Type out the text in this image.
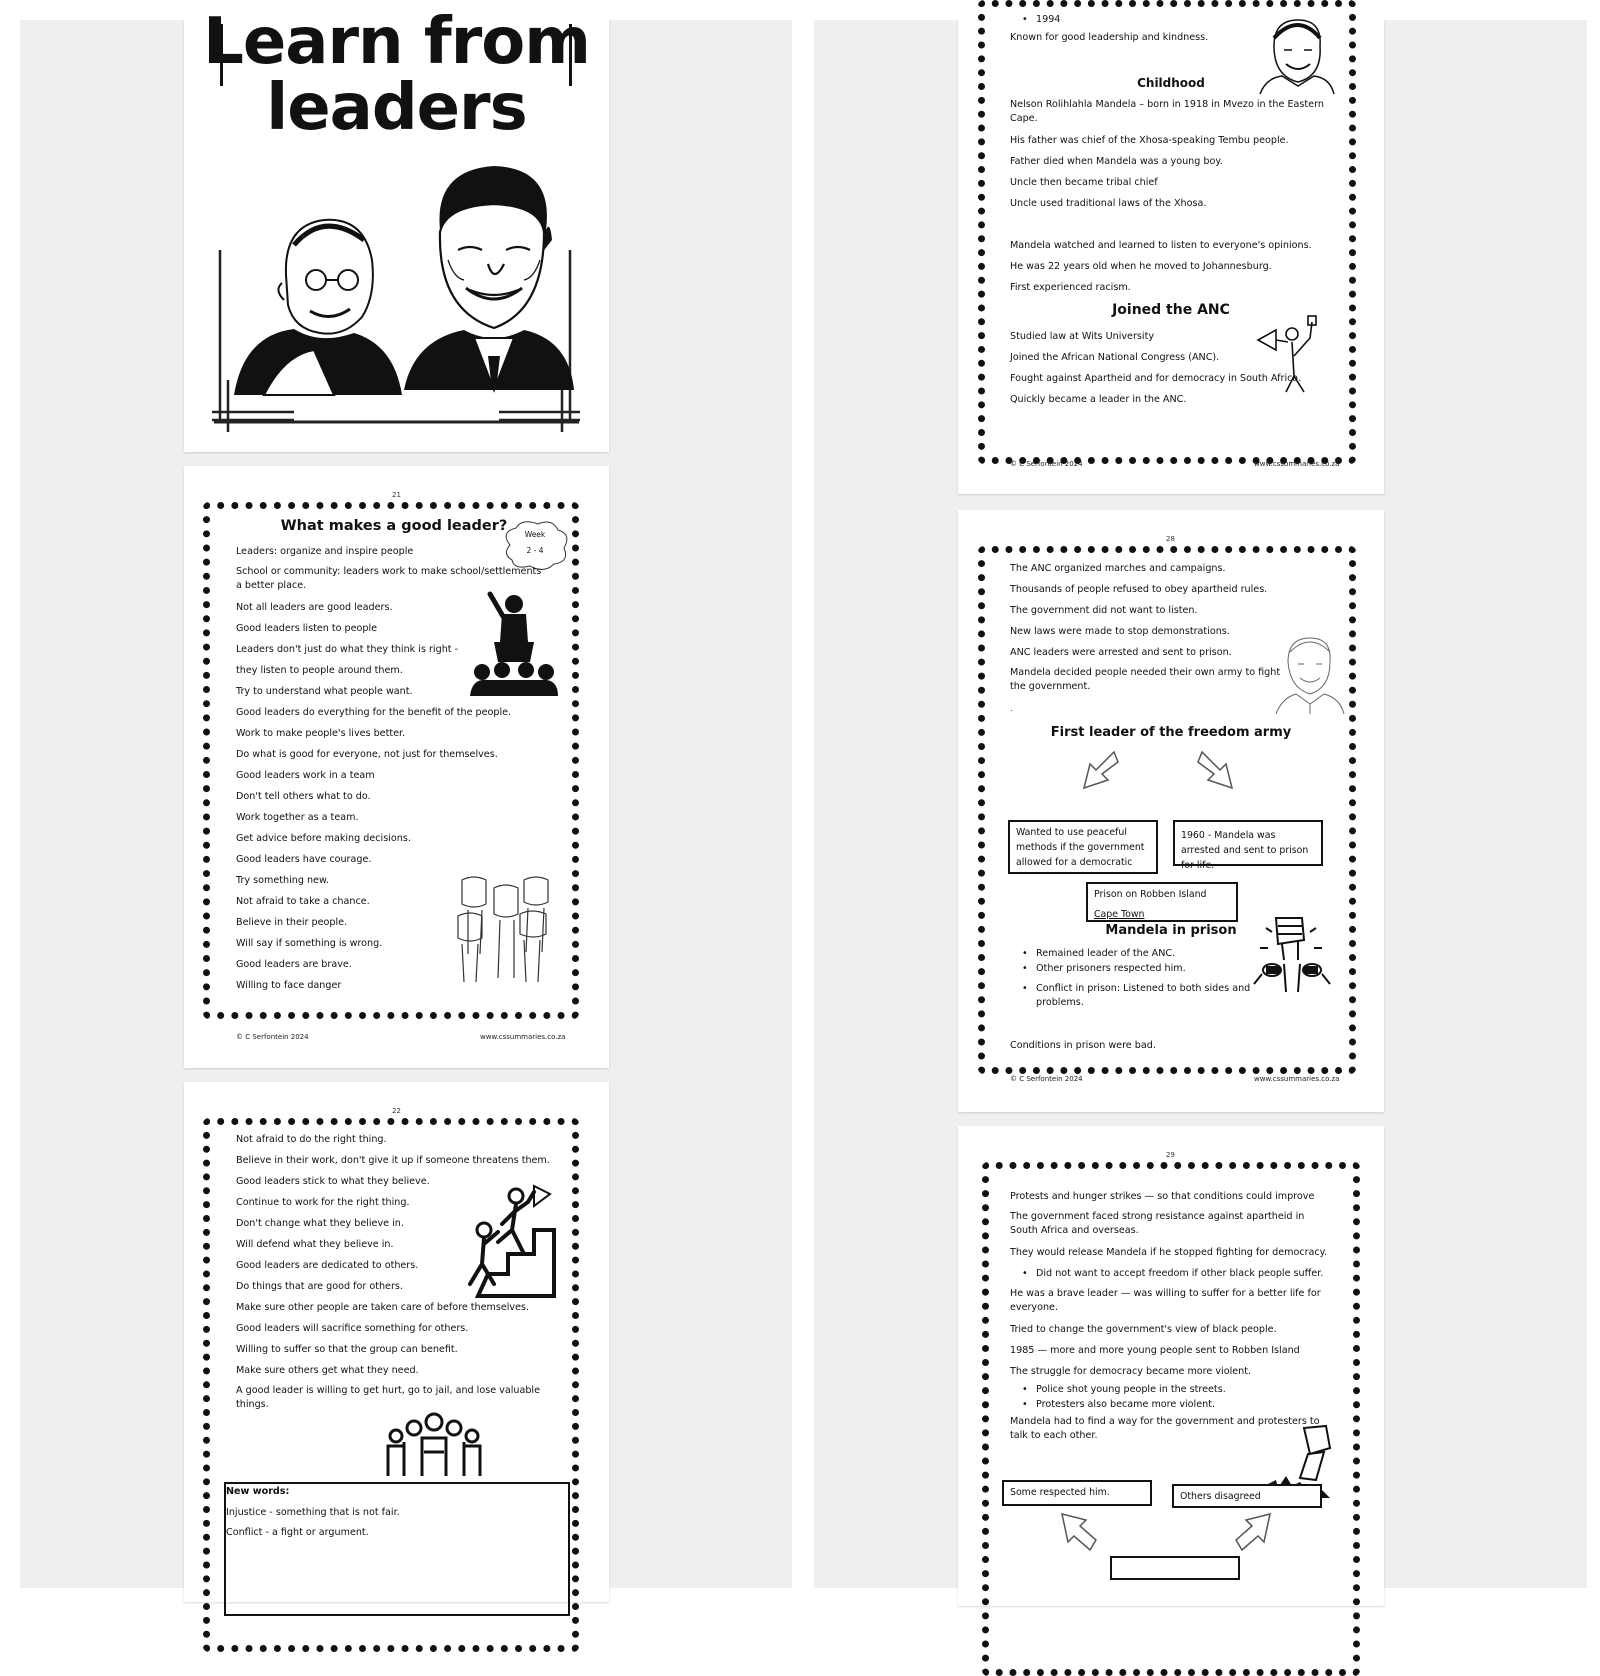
Learn from
leaders
21
What makes a good leader?
Week
2 - 4
Leaders: organize and inspire people
School or community: leaders work to make school/settlements a better place.
Not all leaders are good leaders.
Good leaders listen to people
Leaders don't just do what they think is right -
they listen to people around them.
Try to understand what people want.
Good leaders do everything for the benefit of the people.
Work to make people's lives better.
Do what is good for everyone, not just for themselves.
Good leaders work in a team
Don't tell others what to do.
Work together as a team.
Get advice before making decisions.
Good leaders have courage.
Try something new.
Not afraid to take a chance.
Believe in their people.
Will say if something is wrong.
Good leaders are brave.
Willing to face danger
© C Serfontein 2024	www.cssummaries.co.za
22
Not afraid to do the right thing.
Believe in their work, don't give it up if someone threatens them.
Good leaders stick to what they believe.
Continue to work for the right thing.
Don't change what they believe in.
Will defend what they believe in.
Good leaders are dedicated to others.
Do things that are good for others.
Make sure other people are taken care of before themselves.
Good leaders will sacrifice something for others.
Willing to suffer so that the group can benefit.
Make sure others get what they need.
A good leader is willing to get hurt, go to jail, and lose valuable things.
New words:
Injustice - something that is not fair.
Conflict - a fight or argument.
• 1994
Known for good leadership and kindness.
Childhood
Nelson Rolihlahla Mandela – born in 1918 in Mvezo in the Eastern Cape.
His father was chief of the Xhosa-speaking Tembu people.
Father died when Mandela was a young boy.
Uncle then became tribal chief
Uncle used traditional laws of the Xhosa.
Mandela watched and learned to listen to everyone's opinions.
He was 22 years old when he moved to Johannesburg.
First experienced racism.
Joined the ANC
Studied law at Wits University
Joined the African National Congress (ANC).
Fought against Apartheid and for democracy in South Africa.
Quickly became a leader in the ANC.
© C Serfontein 2024	www.cssummaries.co.za
28
The ANC organized marches and campaigns.
Thousands of people refused to obey apartheid rules.
The government did not want to listen.
New laws were made to stop demonstrations.
ANC leaders were arrested and sent to prison.
Mandela decided people needed their own army to fight the government.
.
First leader of the freedom army
Wanted to use peaceful methods if the government allowed for a democratic
1960 - Mandela was arrested and sent to prison for life.
Prison on Robben Island
Cape Town
Mandela in prison
• Remained leader of the ANC.
• Other prisoners respected him.
• Conflict in prison: Listened to both sides and problems.
Conditions in prison were bad.
© C Serfontein 2024	www.cssummaries.co.za
29
Protests and hunger strikes — so that conditions could improve
The government faced strong resistance against apartheid in South Africa and overseas.
They would release Mandela if he stopped fighting for democracy.
• Did not want to accept freedom if other black people suffer.
He was a brave leader — was willing to suffer for a better life for everyone.
Tried to change the government's view of black people.
1985 — more and more young people sent to Robben Island
The struggle for democracy became more violent.
• Police shot young people in the streets.
• Protesters also became more violent.
Mandela had to find a way for the government and protesters to talk to each other.
Some respected him.	Others disagreed
